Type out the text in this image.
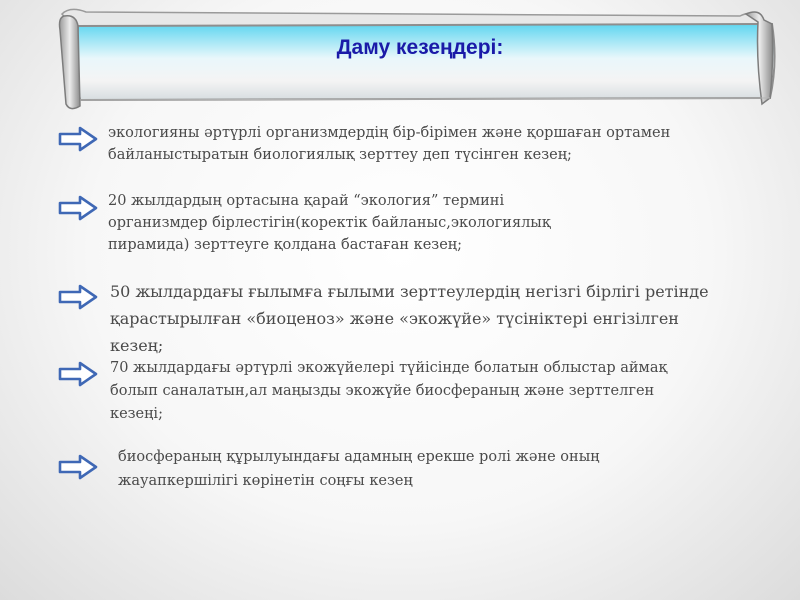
Даму кезеңдері:
экологияны әртүрлі организмдердің бір-бірімен және қоршаған ортамен
байланыстыратын биологиялық зерттеу деп түсінген кезең;
20 жылдардың ортасына қарай “экология” термині
организмдер бірлестігін(коректік байланыс,экологиялық
пирамида) зерттеуге қолдана бастаған кезең;
50 жылдардағы ғылымға ғылыми зерттеулердің негізгі бірлігі ретінде
қарастырылған «биоценоз» және «экожүйе» түсініктері енгізілген
кезең;
70 жылдардағы әртүрлі экожүйелері түйісінде болатын облыстар аймақ
болып саналатын,ал маңызды экожүйе биосфераның және зерттелген
кезеңі;
биосфераның құрылуындағы адамның ерекше ролі және оның
жауапкершілігі көрінетін соңғы кезең
